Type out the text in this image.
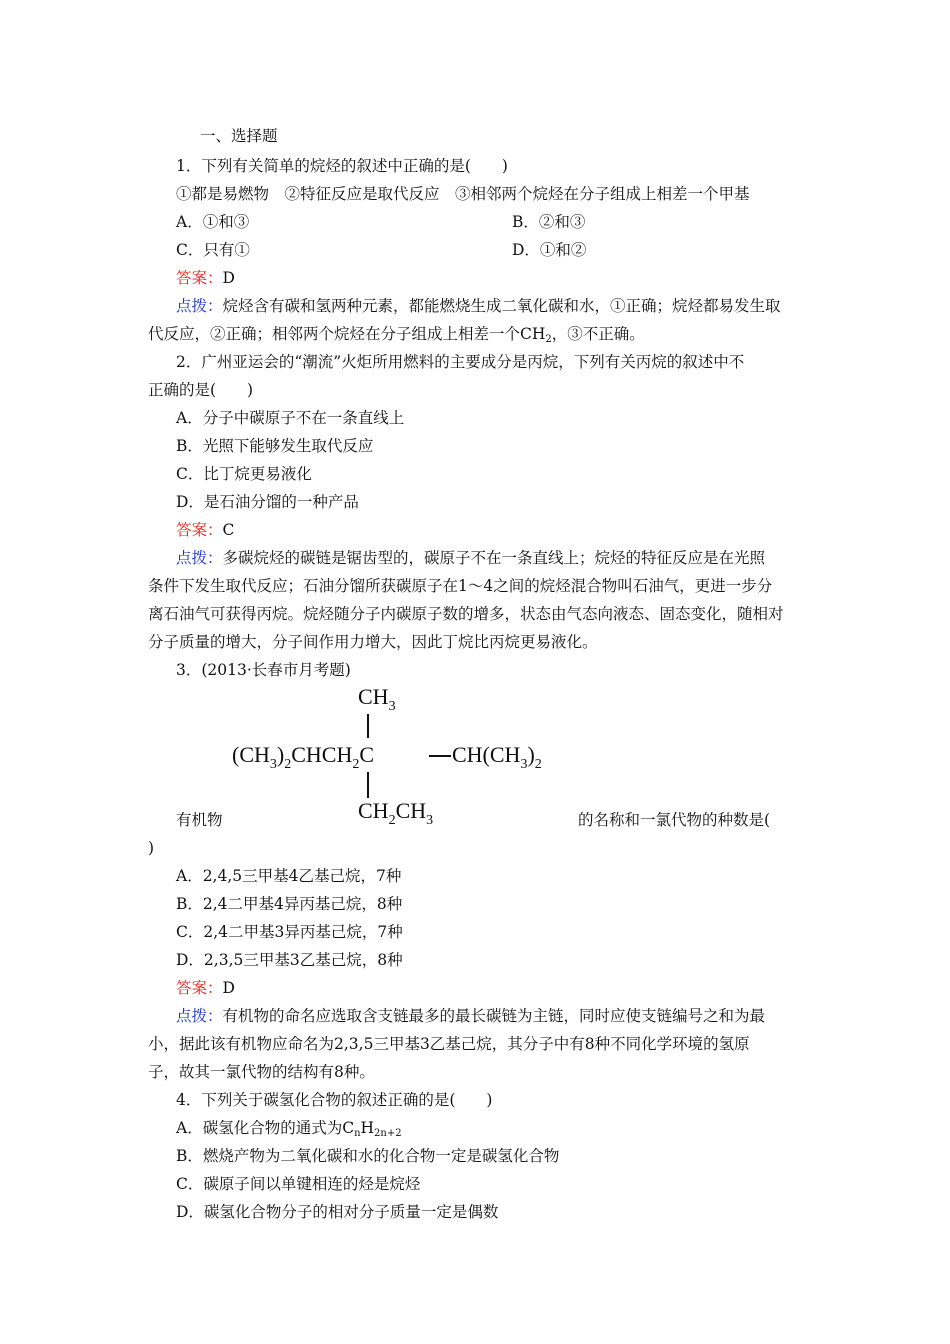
一、选择题
1．下列有关简单的烷烃的叙述中正确的是(　　)
①都是易燃物　②特征反应是取代反应　③相邻两个烷烃在分子组成上相差一个甲基
A．①和③	B．②和③
C．只有①	D．①和②
答案：D
点拨：烷烃含有碳和氢两种元素，都能燃烧生成二氧化碳和水，①正确；烷烃都易发生取
代反应，②正确；相邻两个烷烃在分子组成上相差一个$CH_2$，③不正确。
2．广州亚运会的“潮流”火炬所用燃料的主要成分是丙烷，下列有关丙烷的叙述中不
正确的是(　　)
A．分子中碳原子不在一条直线上
B．光照下能够发生取代反应
C．比丁烷更易液化
D．是石油分馏的一种产品
答案：C
点拨：多碳烷烃的碳链是锯齿型的，碳原子不在一条直线上；烷烃的特征反应是在光照
条件下发生取代反应；石油分馏所获碳原子在1～4之间的烷烃混合物叫石油气，更进一步分
离石油气可获得丙烷。烷烃随分子内碳原子数的增多，状态由气态向液态、固态变化，随相对
分子质量的增大，分子间作用力增大，因此丁烷比丙烷更易液化。
3．(2013·长春市月考题)
$CH_3$
$(CH_3)_2CHCH_2C$	$CH(CH_3)_2$
$CH_2CH_3$
有机物	的名称和一氯代物的种数是(
)
A．2,4,5三甲基4乙基己烷，7种
B．2,4二甲基4异丙基己烷，8种
C．2,4二甲基3异丙基己烷，7种
D．2,3,5三甲基3乙基己烷，8种
答案：D
点拨：有机物的命名应选取含支链最多的最长碳链为主链，同时应使支链编号之和为最
小，据此该有机物应命名为2,3,5三甲基3乙基己烷，其分子中有8种不同化学环境的氢原
子，故其一氯代物的结构有8种。
4．下列关于碳氢化合物的叙述正确的是(　　)
A．碳氢化合物的通式为$C_nH_{2n+2}$
B．燃烧产物为二氧化碳和水的化合物一定是碳氢化合物
C．碳原子间以单键相连的烃是烷烃
D．碳氢化合物分子的相对分子质量一定是偶数
